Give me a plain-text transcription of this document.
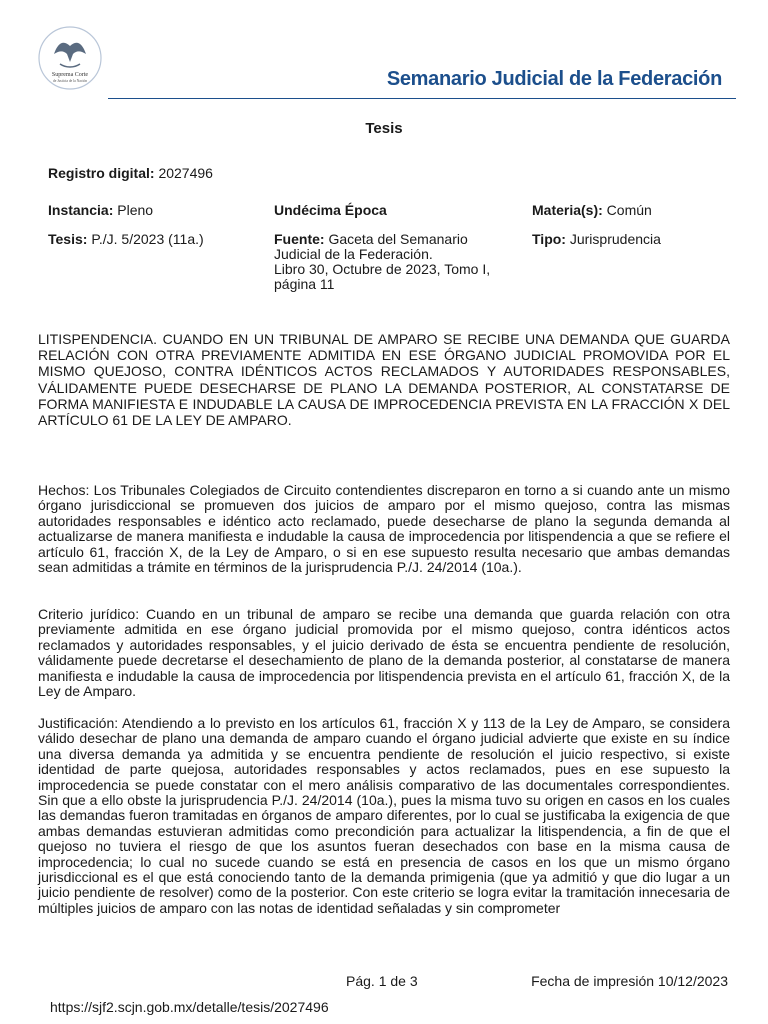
Suprema Corte
de Justicia de la Nación	Semanario Judicial de la Federación
Tesis
Registro digital: 2027496
Instancia: Pleno	Undécima Época	Materia(s): Común
Tesis: P./J. 5/2023 (11a.)	Fuente: Gaceta del Semanario
Judicial de la Federación.
Libro 30, Octubre de 2023, Tomo I,
página 11
Tipo: Jurisprudencia
LITISPENDENCIA. CUANDO EN UN TRIBUNAL DE AMPARO SE RECIBE UNA DEMANDA QUE GUARDA RELACIÓN CON OTRA PREVIAMENTE ADMITIDA EN ESE ÓRGANO JUDICIAL PROMOVIDA POR EL MISMO QUEJOSO, CONTRA IDÉNTICOS ACTOS RECLAMADOS Y AUTORIDADES RESPONSABLES, VÁLIDAMENTE PUEDE DESECHARSE DE PLANO LA DEMANDA POSTERIOR, AL CONSTATARSE DE FORMA MANIFIESTA E INDUDABLE LA CAUSA DE IMPROCEDENCIA PREVISTA EN LA FRACCIÓN X DEL ARTÍCULO 61 DE LA LEY DE AMPARO.

Hechos: Los Tribunales Colegiados de Circuito contendientes discreparon en torno a si cuando ante un mismo órgano jurisdiccional se promueven dos juicios de amparo por el mismo quejoso, contra las mismas autoridades responsables e idéntico acto reclamado, puede desecharse de plano la segunda demanda al actualizarse de manera manifiesta e indudable la causa de improcedencia por litispendencia a que se refiere el artículo 61, fracción X, de la Ley de Amparo, o si en ese supuesto resulta necesario que ambas demandas sean admitidas a trámite en términos de la jurisprudencia P./J. 24/2014 (10a.).

Criterio jurídico: Cuando en un tribunal de amparo se recibe una demanda que guarda relación con otra previamente admitida en ese órgano judicial promovida por el mismo quejoso, contra idénticos actos reclamados y autoridades responsables, y el juicio derivado de ésta se encuentra pendiente de resolución, válidamente puede decretarse el desechamiento de plano de la demanda posterior, al constatarse de manera manifiesta e indudable la causa de improcedencia por litispendencia prevista en el artículo 61, fracción X, de la Ley de Amparo.

Justificación: Atendiendo a lo previsto en los artículos 61, fracción X y 113 de la Ley de Amparo, se considera válido desechar de plano una demanda de amparo cuando el órgano judicial advierte que existe en su índice una diversa demanda ya admitida y se encuentra pendiente de resolución el juicio respectivo, si existe identidad de parte quejosa, autoridades responsables y actos reclamados, pues en ese supuesto la improcedencia se puede constatar con el mero análisis comparativo de las documentales correspondientes. Sin que a ello obste la jurisprudencia P./J. 24/2014 (10a.), pues la misma tuvo su origen en casos en los cuales las demandas fueron tramitadas en órganos de amparo diferentes, por lo cual se justificaba la exigencia de que ambas demandas estuvieran admitidas como precondición para actualizar la litispendencia, a fin de que el quejoso no tuviera el riesgo de que los asuntos fueran desechados con base en la misma causa de improcedencia; lo cual no sucede cuando se está en presencia de casos en los que un mismo órgano jurisdiccional es el que está conociendo tanto de la demanda primigenia (que ya admitió y que dio lugar a un juicio pendiente de resolver) como de la posterior. Con este criterio se logra evitar la tramitación innecesaria de múltiples juicios de amparo con las notas de identidad señaladas y sin comprometer

Pág. 1 de 3	Fecha de impresión 10/12/2023
https://sjf2.scjn.gob.mx/detalle/tesis/2027496
